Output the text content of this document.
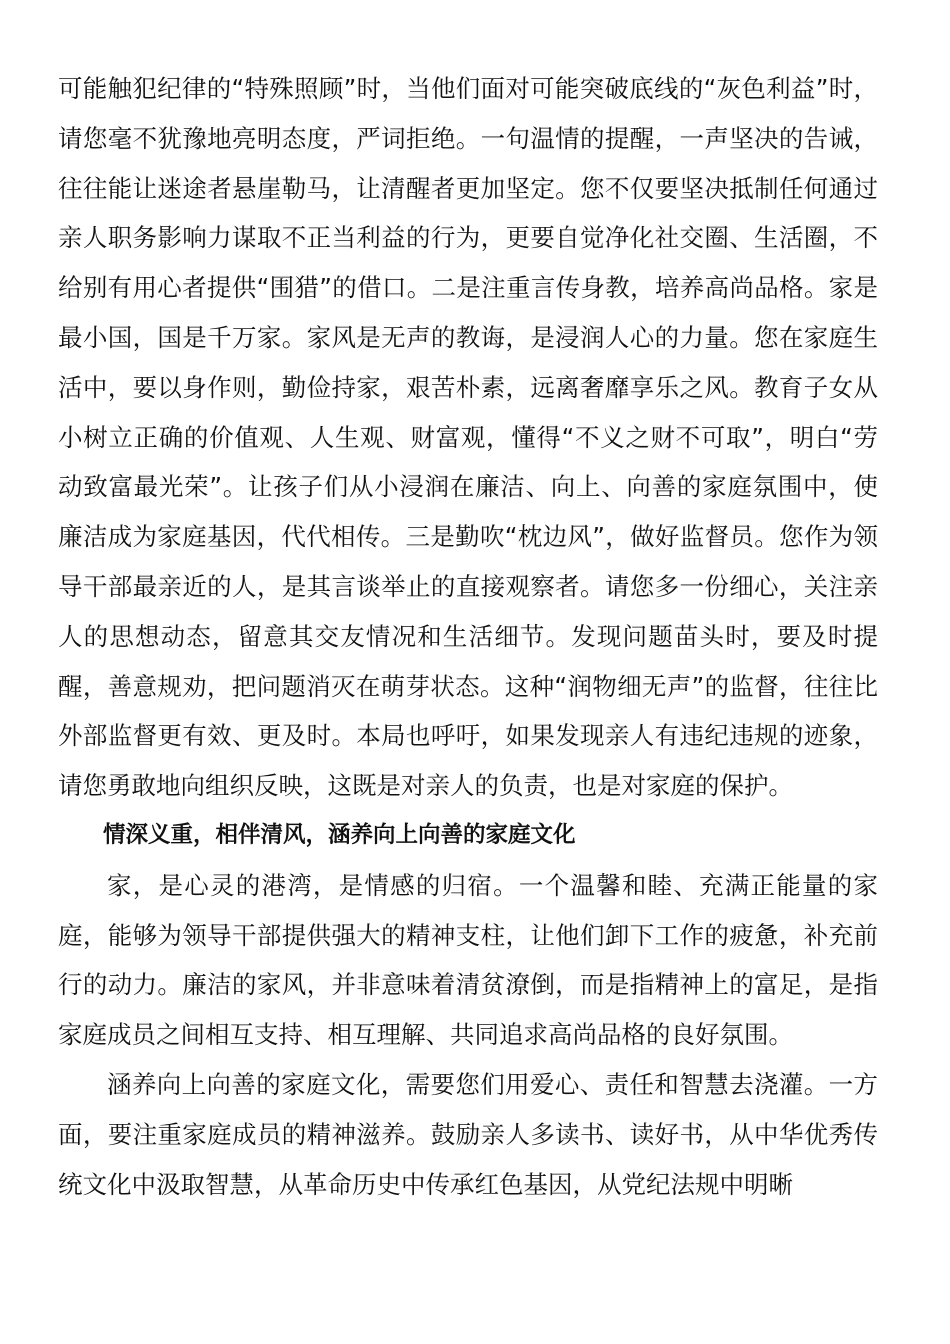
可能触犯纪律的“特殊照顾”时，当他们面对可能突破底线的“灰色利益”时，请您毫不犹豫地亮明态度，严词拒绝。一句温情的提醒，一声坚决的告诫，往往能让迷途者悬崖勒马，让清醒者更加坚定。您不仅要坚决抵制任何通过亲人职务影响力谋取不正当利益的行为，更要自觉净化社交圈、生活圈，不给别有用心者提供“围猎”的借口。二是注重言传身教，培养高尚品格。家是最小国，国是千万家。家风是无声的教诲，是浸润人心的力量。您在家庭生活中，要以身作则，勤俭持家，艰苦朴素，远离奢靡享乐之风。教育子女从小树立正确的价值观、人生观、财富观，懂得“不义之财不可取”，明白“劳动致富最光荣”。让孩子们从小浸润在廉洁、向上、向善的家庭氛围中，使廉洁成为家庭基因，代代相传。三是勤吹“枕边风”，做好监督员。您作为领导干部最亲近的人，是其言谈举止的直接观察者。请您多一份细心，关注亲人的思想动态，留意其交友情况和生活细节。发现问题苗头时，要及时提醒，善意规劝，把问题消灭在萌芽状态。这种“润物细无声”的监督，往往比外部监督更有效、更及时。本局也呼吁，如果发现亲人有违纪违规的迹象，请您勇敢地向组织反映，这既是对亲人的负责，也是对家庭的保护。

情深义重，相伴清风，涵养向上向善的家庭文化

家，是心灵的港湾，是情感的归宿。一个温馨和睦、充满正能量的家庭，能够为领导干部提供强大的精神支柱，让他们卸下工作的疲惫，补充前行的动力。廉洁的家风，并非意味着清贫潦倒，而是指精神上的富足，是指家庭成员之间相互支持、相互理解、共同追求高尚品格的良好氛围。

涵养向上向善的家庭文化，需要您们用爱心、责任和智慧去浇灌。一方面，要注重家庭成员的精神滋养。鼓励亲人多读书、读好书，从中华优秀传统文化中汲取智慧，从革命历史中传承红色基因，从党纪法规中明晰
